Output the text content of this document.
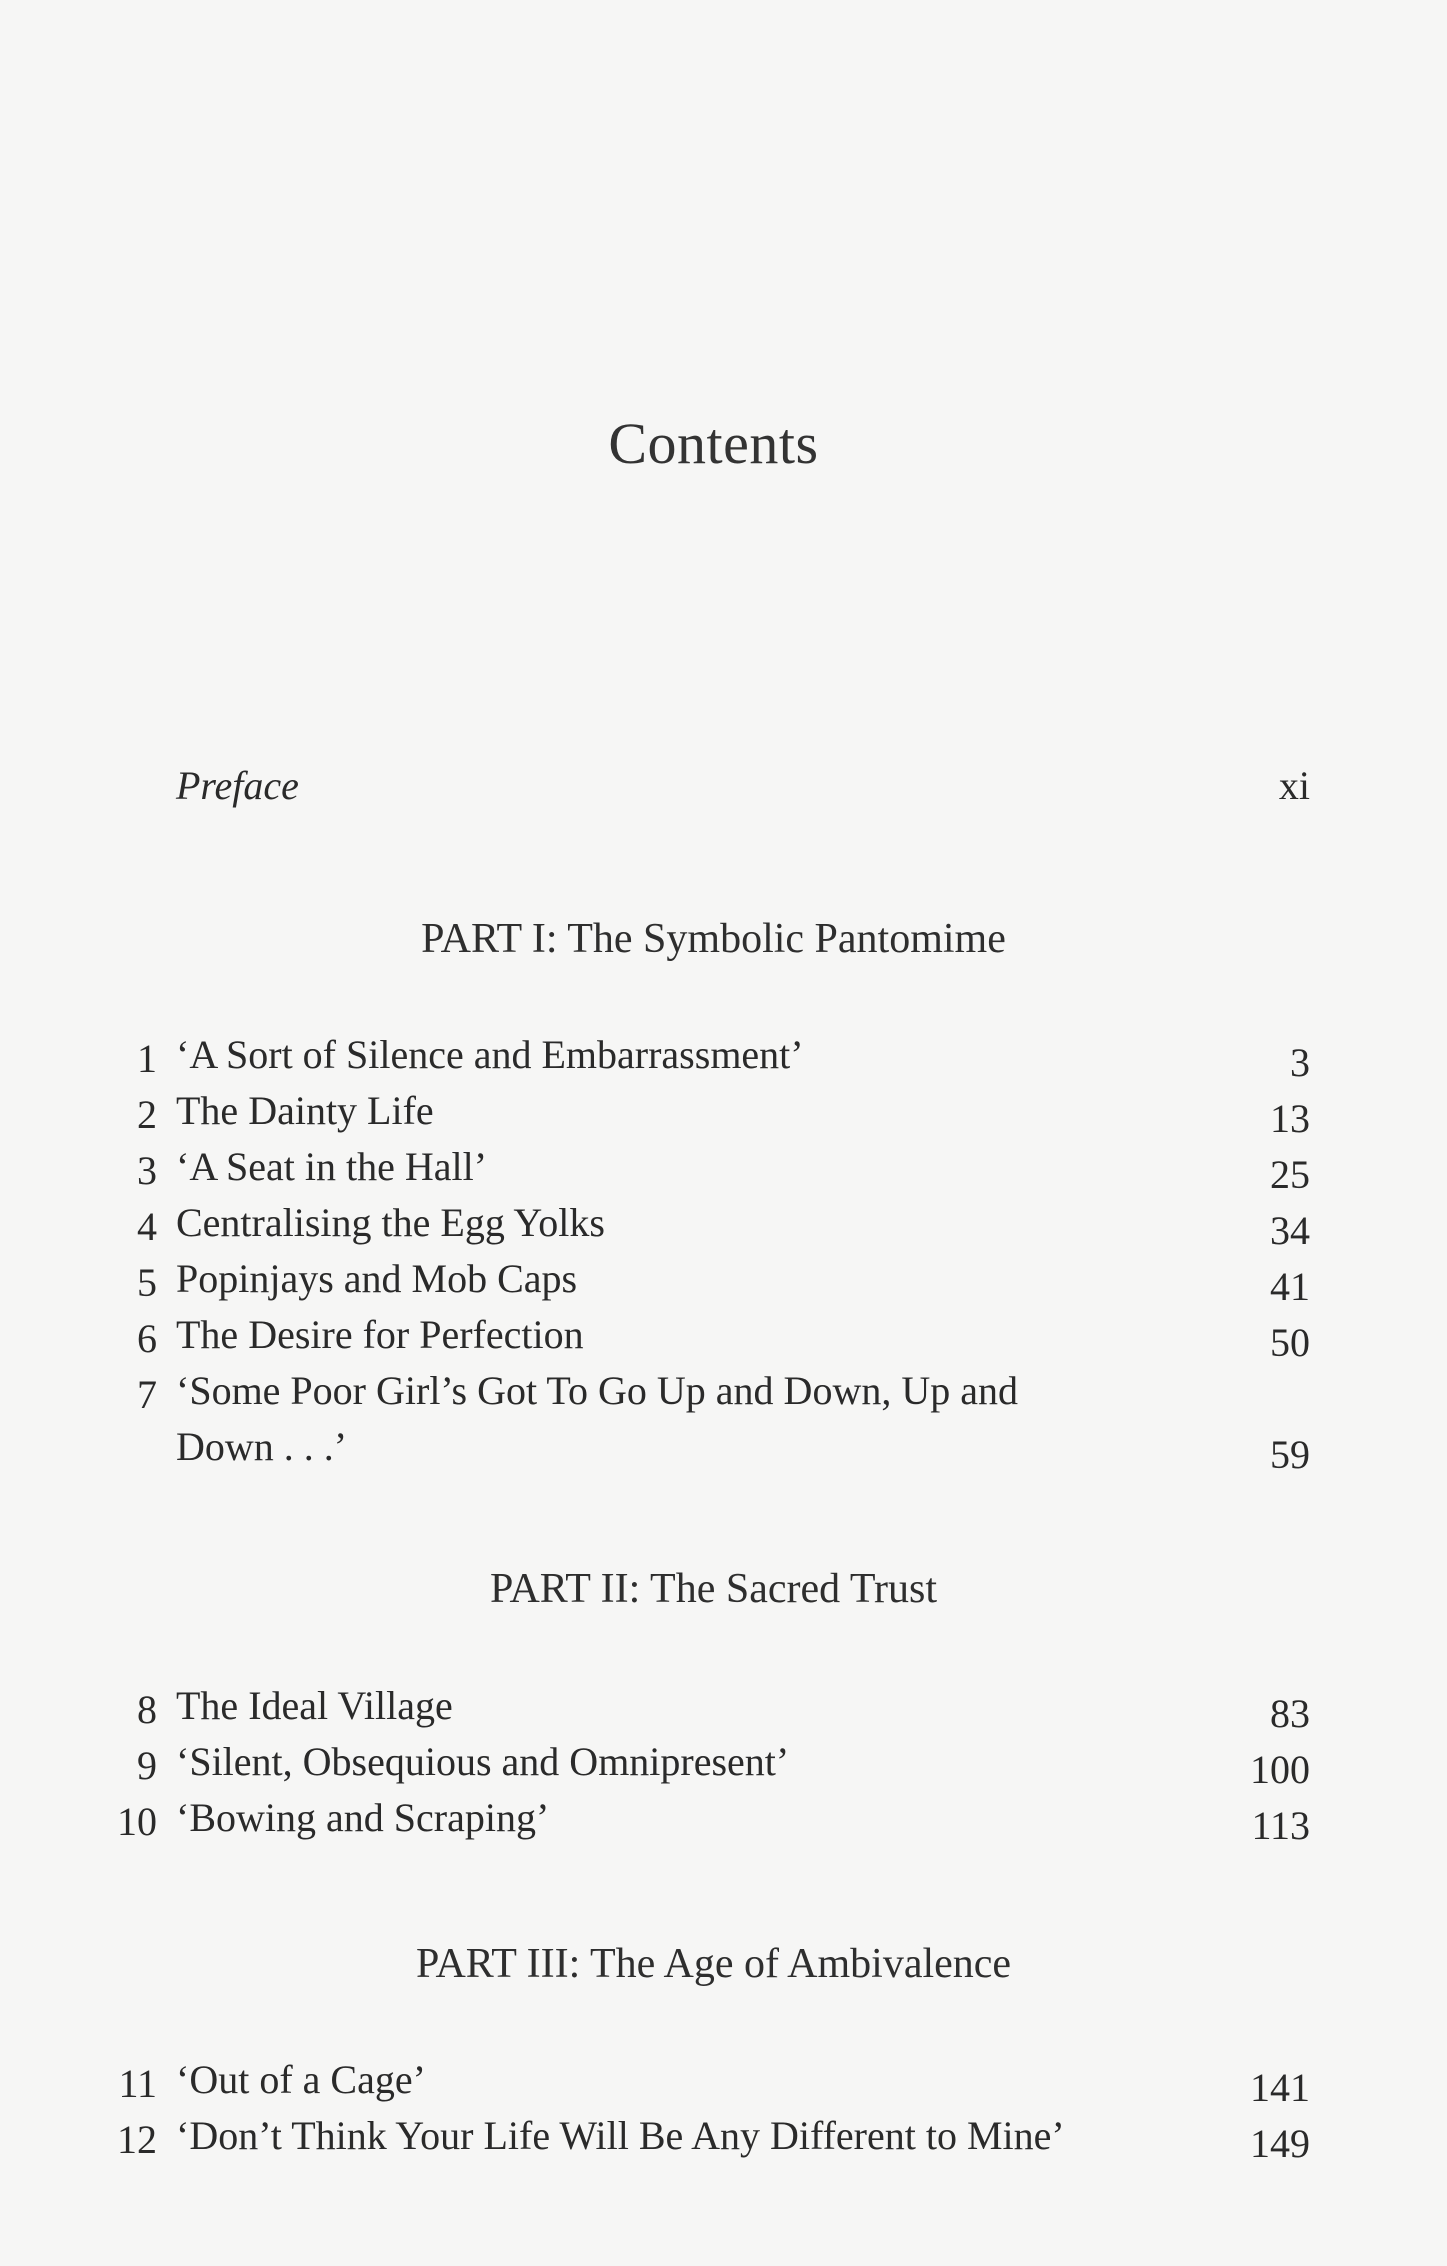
Contents
Preface	xi
PART I: The Symbolic Pantomime
1 ‘A Sort of Silence and Embarrassment’	3
2 The Dainty Life	13
3 ‘A Seat in the Hall’	25
4 Centralising the Egg Yolks	34
5 Popinjays and Mob Caps	41
6 The Desire for Perfection	50
7 ‘Some Poor Girl’s Got To Go Up and Down, Up and Down . . .’	59
PART II: The Sacred Trust
8 The Ideal Village	83
9 ‘Silent, Obsequious and Omnipresent’	100
10 ‘Bowing and Scraping’	113
PART III: The Age of Ambivalence
11 ‘Out of a Cage’	141
12 ‘Don’t Think Your Life Will Be Any Different to Mine’	149
